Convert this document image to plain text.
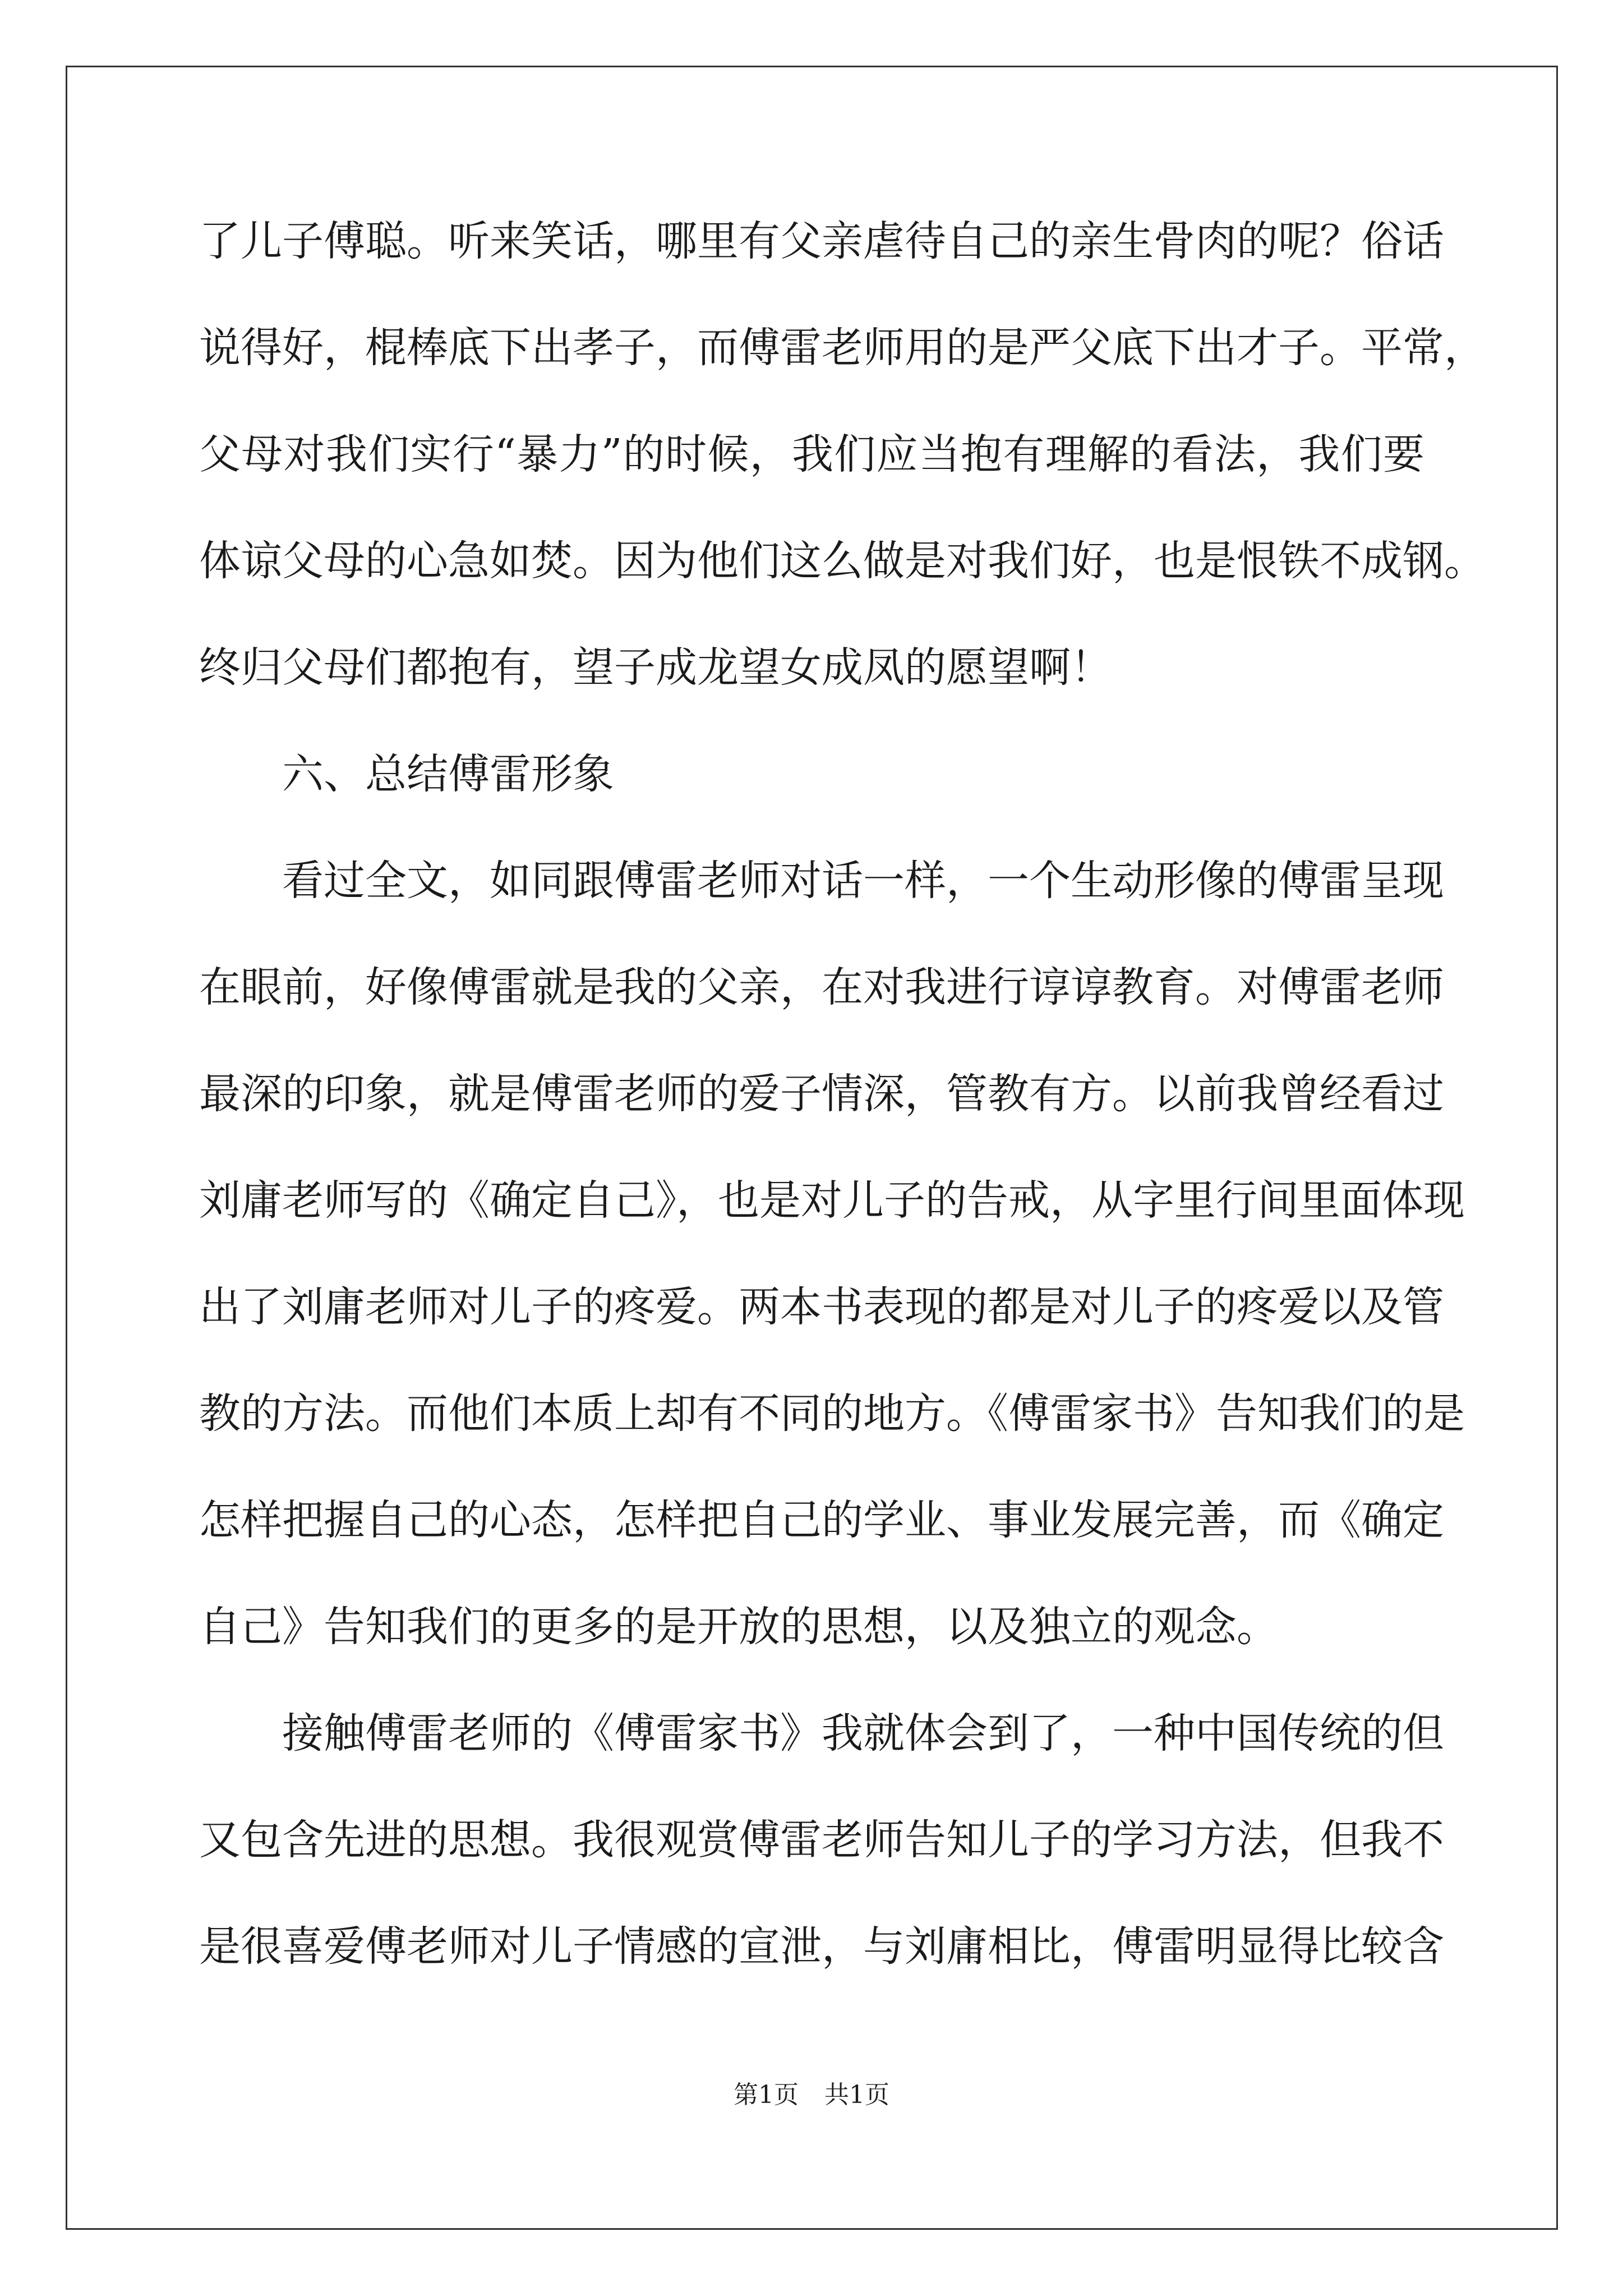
了儿子傅聪。听来笑话，哪里有父亲虐待自己的亲生骨肉的呢？俗话
说得好，棍棒底下出孝子，而傅雷老师用的是严父底下出才子。平常，
父母对我们实行“暴力”的时候，我们应当抱有理解的看法，我们要
体谅父母的心急如焚。因为他们这么做是对我们好，也是恨铁不成钢。
终归父母们都抱有，望子成龙望女成凤的愿望啊！
六、总结傅雷形象
看过全文，如同跟傅雷老师对话一样，一个生动形像的傅雷呈现
在眼前，好像傅雷就是我的父亲，在对我进行谆谆教育。对傅雷老师
最深的印象，就是傅雷老师的爱子情深，管教有方。以前我曾经看过
刘庸老师写的《确定自己》，也是对儿子的告戒，从字里行间里面体现
出了刘庸老师对儿子的疼爱。两本书表现的都是对儿子的疼爱以及管
教的方法。而他们本质上却有不同的地方。《傅雷家书》告知我们的是
怎样把握自己的心态，怎样把自己的学业、事业发展完善，而《确定
自己》告知我们的更多的是开放的思想，以及独立的观念。
接触傅雷老师的《傅雷家书》我就体会到了，一种中国传统的但
又包含先进的思想。我很观赏傅雷老师告知儿子的学习方法，但我不
是很喜爱傅老师对儿子情感的宣泄，与刘庸相比，傅雷明显得比较含
第1页 共1页
